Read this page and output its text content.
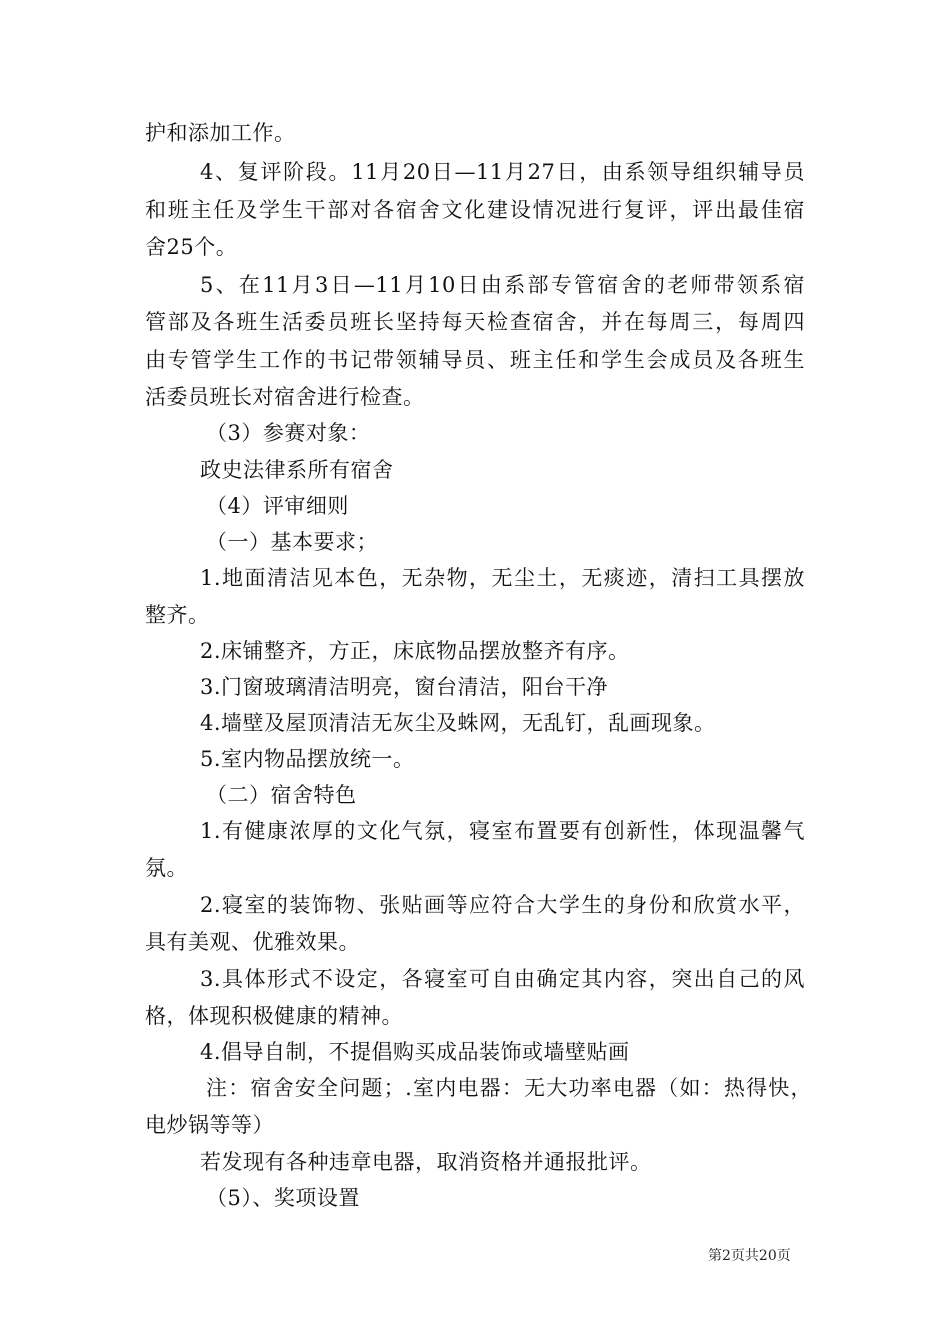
护和添加工作。
4、复评阶段。11月20日—11月27日，由系领导组织辅导员
和班主任及学生干部对各宿舍文化建设情况进行复评，评出最佳宿
舍25个。
5、在11月3日—11月10日由系部专管宿舍的老师带领系宿
管部及各班生活委员班长坚持每天检查宿舍，并在每周三，每周四
由专管学生工作的书记带领辅导员、班主任和学生会成员及各班生
活委员班长对宿舍进行检查。
（3）参赛对象：
政史法律系所有宿舍
（4）评审细则
（一）基本要求；
1.地面清洁见本色，无杂物，无尘土，无痰迹，清扫工具摆放
整齐。
2.床铺整齐，方正，床底物品摆放整齐有序。
3.门窗玻璃清洁明亮，窗台清洁，阳台干净
4.墙壁及屋顶清洁无灰尘及蛛网，无乱钉，乱画现象。
5.室内物品摆放统一。
（二）宿舍特色
1.有健康浓厚的文化气氛，寝室布置要有创新性，体现温馨气
氛。
2.寝室的装饰物、张贴画等应符合大学生的身份和欣赏水平，
具有美观、优雅效果。
3.具体形式不设定，各寝室可自由确定其内容，突出自己的风
格，体现积极健康的精神。
4.倡导自制，不提倡购买成品装饰或墙壁贴画
注：宿舍安全问题；.室内电器：无大功率电器（如：热得快，
电炒锅等等）
若发现有各种违章电器，取消资格并通报批评。
（5）、奖项设置
第2页共20页
